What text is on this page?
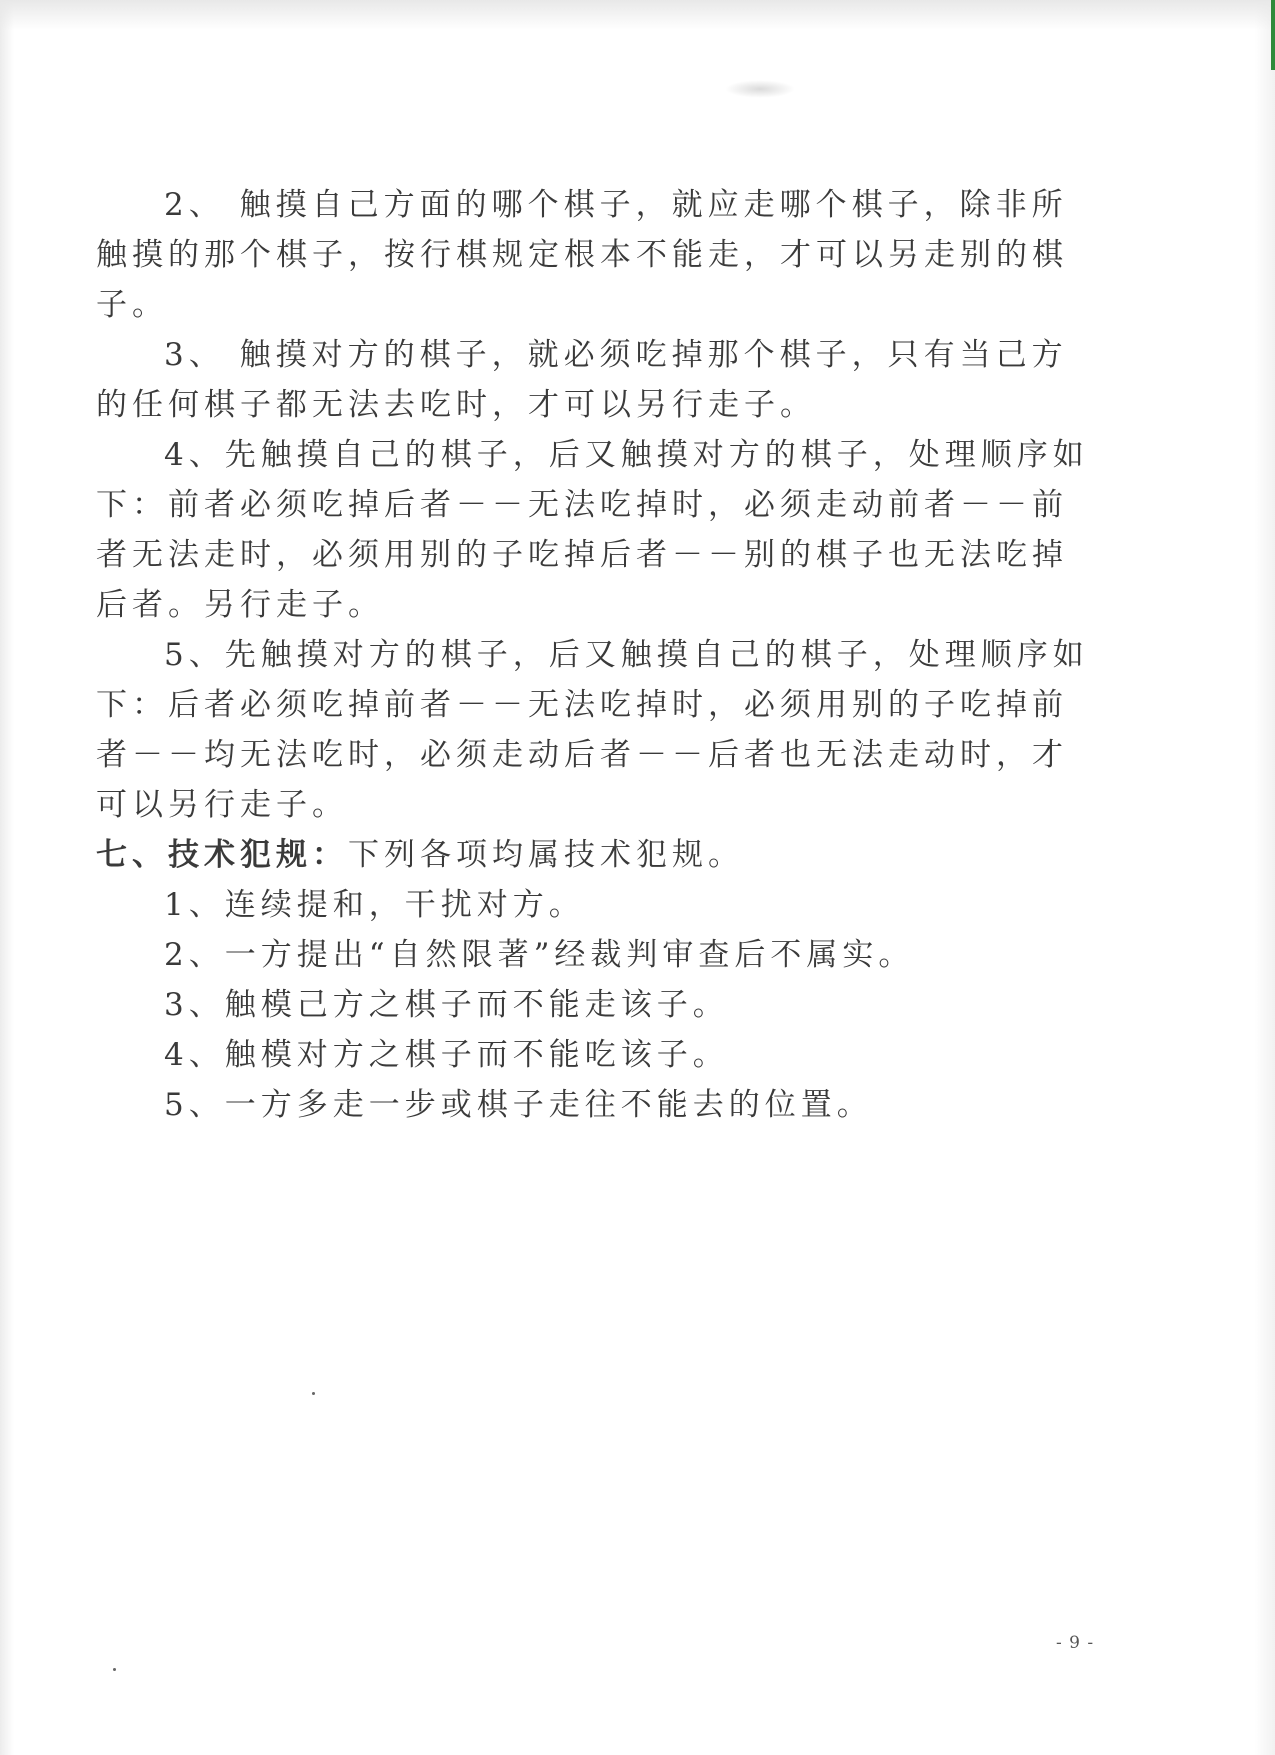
2、 触摸自己方面的哪个棋子，就应走哪个棋子，除非所触摸的那个棋子，按行棋规定根本不能走，才可以另走别的棋子。

3、 触摸对方的棋子，就必须吃掉那个棋子，只有当己方的任何棋子都无法去吃时，才可以另行走子。

4、先触摸自己的棋子，后又触摸对方的棋子，处理顺序如下：前者必须吃掉后者－－无法吃掉时，必须走动前者－－前者无法走时，必须用别的子吃掉后者－－别的棋子也无法吃掉后者。另行走子。

5、先触摸对方的棋子，后又触摸自己的棋子，处理顺序如下：后者必须吃掉前者－－无法吃掉时，必须用别的子吃掉前者－－均无法吃时，必须走动后者－－后者也无法走动时，才可以另行走子。

七、技术犯规：下列各项均属技术犯规。

1、连续提和，干扰对方。

2、一方提出“自然限著”经裁判审查后不属实。

3、触模己方之棋子而不能走该子。

4、触模对方之棋子而不能吃该子。

5、一方多走一步或棋子走往不能去的位置。

- 9 -
